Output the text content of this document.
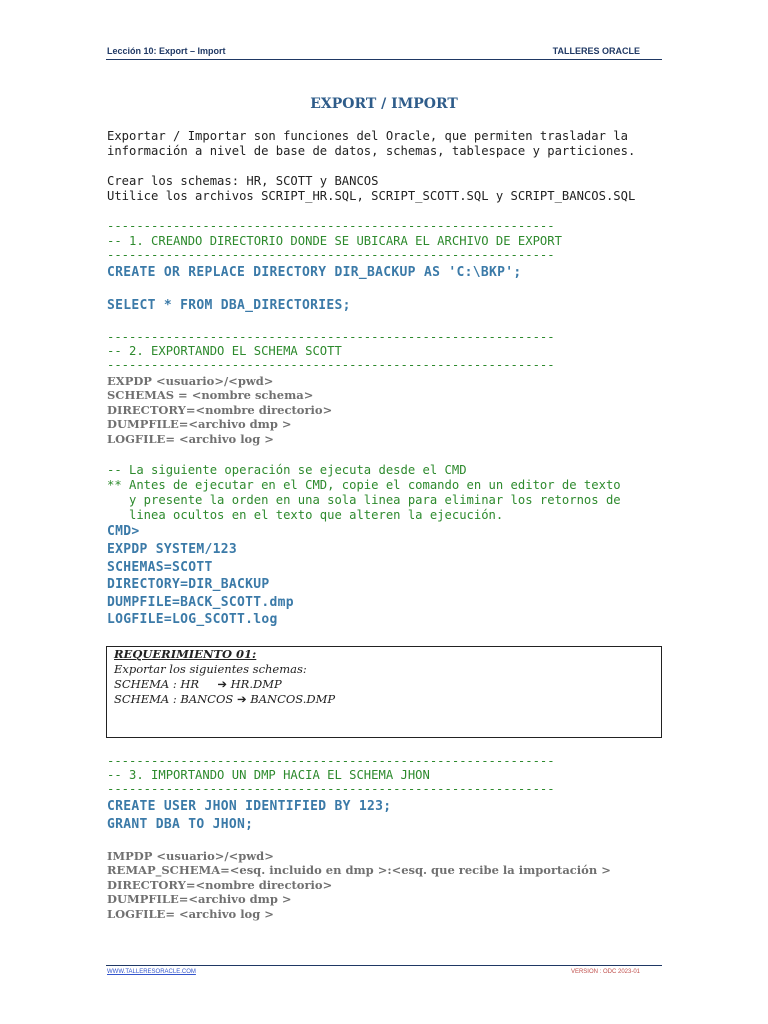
Lección 10: Export – Import	TALLERES ORACLE
EXPORT / IMPORT
Exportar / Importar son funciones del Oracle, que permiten trasladar la
información a nivel de base de datos, schemas, tablespace y particiones.
Crear los schemas: HR, SCOTT y BANCOS
Utilice los archivos SCRIPT_HR.SQL, SCRIPT_SCOTT.SQL y SCRIPT_BANCOS.SQL
-------------------------------------------------------------
-- 1. CREANDO DIRECTORIO DONDE SE UBICARA EL ARCHIVO DE EXPORT
-------------------------------------------------------------
CREATE OR REPLACE DIRECTORY DIR_BACKUP AS 'C:\BKP';
SELECT * FROM DBA_DIRECTORIES;
-------------------------------------------------------------
-- 2. EXPORTANDO EL SCHEMA SCOTT
-------------------------------------------------------------
EXPDP <usuario>/<pwd>
SCHEMAS = <nombre schema>
DIRECTORY=<nombre directorio>
DUMPFILE=<archivo dmp >
LOGFILE= <archivo log >
-- La siguiente operación se ejecuta desde el CMD
** Antes de ejecutar en el CMD, copie el comando en un editor de texto
y presente la orden en una sola linea para eliminar los retornos de
linea ocultos en el texto que alteren la ejecución.
CMD>
EXPDP SYSTEM/123
SCHEMAS=SCOTT
DIRECTORY=DIR_BACKUP
DUMPFILE=BACK_SCOTT.dmp
LOGFILE=LOG_SCOTT.log
REQUERIMIENTO 01:
Exportar los siguientes schemas:
SCHEMA : HR     ➔ HR.DMP
SCHEMA : BANCOS ➔ BANCOS.DMP
-------------------------------------------------------------
-- 3. IMPORTANDO UN DMP HACIA EL SCHEMA JHON
-------------------------------------------------------------
CREATE USER JHON IDENTIFIED BY 123;
GRANT DBA TO JHON;
IMPDP <usuario>/<pwd>
REMAP_SCHEMA=<esq. incluido en dmp >:<esq. que recibe la importación >
DIRECTORY=<nombre directorio>
DUMPFILE=<archivo dmp >
LOGFILE= <archivo log >
WWW.TALLERESORACLE.COM	VERSION : ODC 2023-01
